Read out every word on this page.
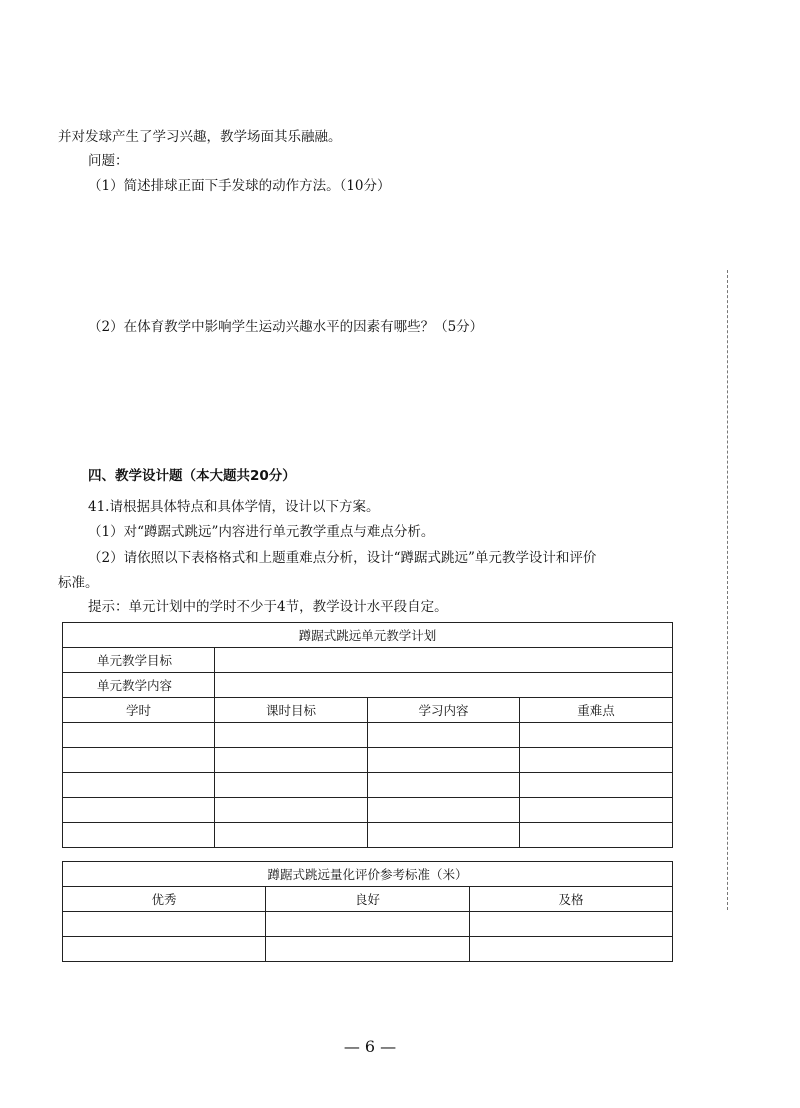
并对发球产生了学习兴趣，教学场面其乐融融。
问题：
（1）简述排球正面下手发球的动作方法。（10分）
（2）在体育教学中影响学生运动兴趣水平的因素有哪些？（5分）
四、教学设计题（本大题共20分）
41.请根据具体特点和具体学情，设计以下方案。
（1）对“蹲踞式跳远”内容进行单元教学重点与难点分析。
（2）请依照以下表格格式和上题重难点分析，设计“蹲踞式跳远”单元教学设计和评价
标准。
提示：单元计划中的学时不少于4节，教学设计水平段自定。
蹲踞式跳远单元教学计划			
单元教学目标			
单元教学内容			
学时	课时目标	学习内容	重难点

蹲踞式跳远量化评价参考标准（米）		
优秀	良好	及格

— 6 —
